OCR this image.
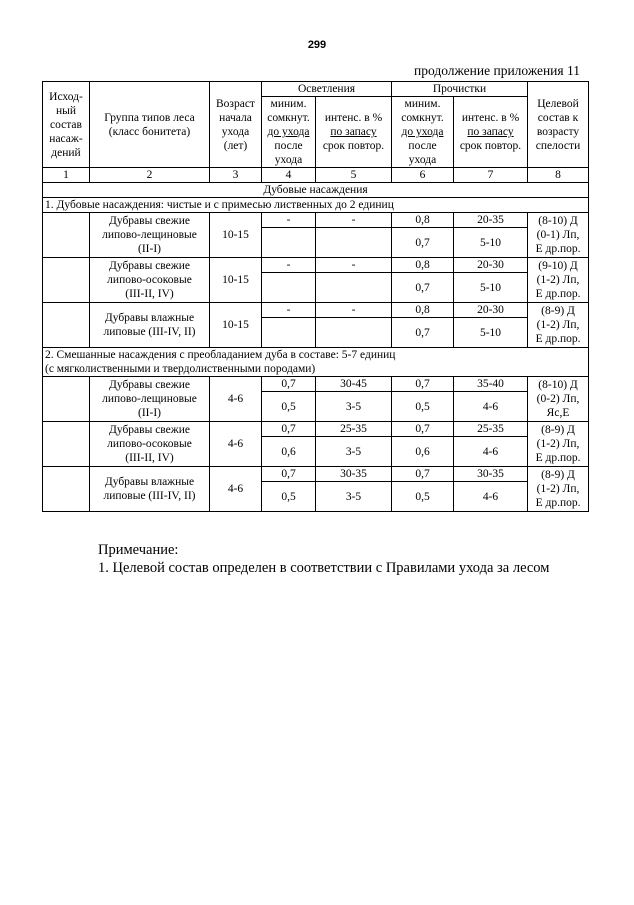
299
продолжение приложения 11
Исход-
ный
состав
насаж-
дений	Группа типов леса
(класс бонитета)	Возраст
начала
ухода
(лет)	Осветления		Прочистки		Целевой
состав к
возрасту
спелости
			миним.
сомкнут.
до ухода
после
ухода	интенс. в %
по запасу
срок повтор.	миним.
сомкнут.
до ухода
после
ухода	интенс. в %
по запасу
срок повтор.	
1	2	3	4	5	6	7	8
Дубовые насаждения							
1. Дубовые насаждения: чистые и с примесью лиственных до 2 единиц							
	Дубравы свежие
липово-лещиновые
(II-I)	10-15	-	-	0,8	20-35	(8-10) Д
(0-1) Лп,
Е др.пор.
					0,7	5-10	
	Дубравы свежие
липово-осоковые
(III-II, IV)	10-15	-	-	0,8	20-30	(9-10) Д
(1-2) Лп,
Е др.пор.
					0,7	5-10	
	Дубравы влажные
липовые (III-IV, II)	10-15	-	-	0,8	20-30	(8-9) Д
(1-2) Лп,
Е др.пор.
					0,7	5-10	
2. Смешанные насаждения с преобладанием дуба в составе: 5-7 единиц
(с мягколиственными и твердолиственными породами)							
	Дубравы свежие
липово-лещиновые
(II-I)	4-6	0,7	30-45	0,7	35-40	(8-10) Д
(0-2) Лп,
Яс,Е
			0,5	3-5	0,5	4-6	
	Дубравы свежие
липово-осоковые
(III-II, IV)	4-6	0,7	25-35	0,7	25-35	(8-9) Д
(1-2) Лп,
Е др.пор.
			0,6	3-5	0,6	4-6	
	Дубравы влажные
липовые (III-IV, II)	4-6	0,7	30-35	0,7	30-35	(8-9) Д
(1-2) Лп,
Е др.пор.
			0,5	3-5	0,5	4-6	
Примечание:
1. Целевой состав определен в соответствии с Правилами ухода за лесом
